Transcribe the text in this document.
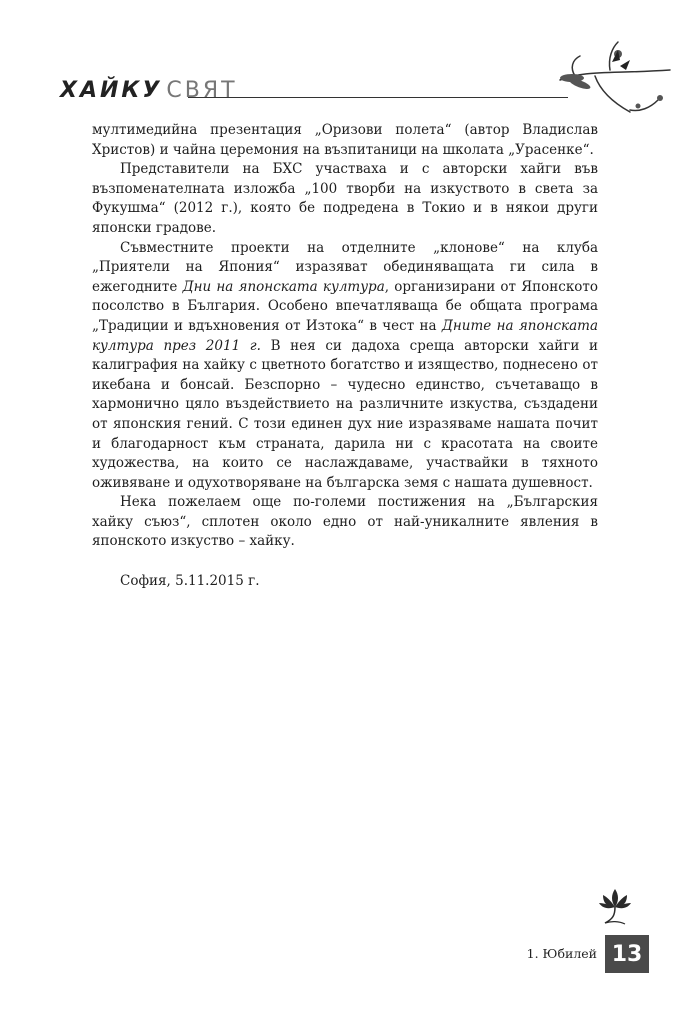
ХАЙКУ СВЯТ

мултимедийна презентация „Оризови полета“ (автор Владислав Христов) и чайна церемония на възпитаници на школата „Урасенке“.

Представители на БХС участваха и с авторски хайги във възпоменателната изложба „100 творби на изкуството в света за Фукушма“ (2012 г.), която бе подредена в Токио и в някои други японски градове.

Съвместните проекти на отделните „клонове“ на клуба „Приятели на Япония“ изразяват обединяващата ги сила в ежегодните Дни на японската култура, организирани от Японското посолство в България. Особено впечатляваща бе общата програма „Традиции и вдъхновения от Изтока“ в чест на Дните на японската култура през 2011 г. В нея си дадоха среща авторски хайги и калиграфия на хайку с цветното богатство и изящество, поднесено от икебана и бонсай. Безспорно – чудесно единство, съчетаващо в хармонично цяло въздействието на различните изкуства, създадени от японския гений. С този единен дух ние изразяваме нашата почит и благодарност към страната, дарила ни с красотата на своите художества, на които се наслаждаваме, участвайки в тяхното оживяване и одухотворяване на българска земя с нашата душевност.

Нека пожелаем още по-големи постижения на „Българския хайку съюз“, сплотен около едно от най-уникалните явления в японското изкуство – хайку.

София, 5.11.2015 г.

1. Юбилей 13
